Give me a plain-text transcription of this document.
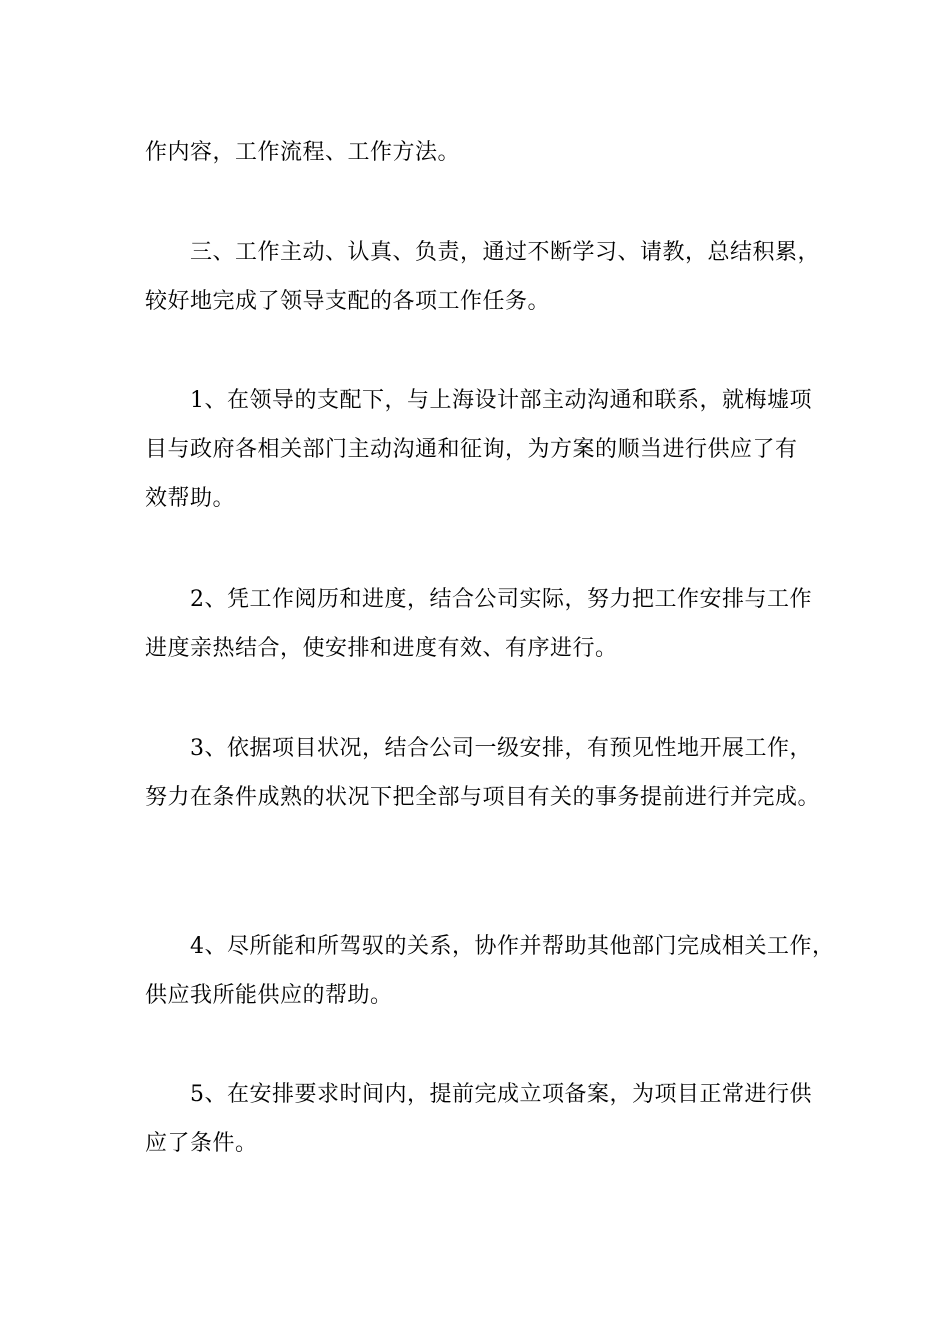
作内容，工作流程、工作方法。

三、工作主动、认真、负责，通过不断学习、请教，总结积累，

较好地完成了领导支配的各项工作任务。

1、在领导的支配下，与上海设计部主动沟通和联系，就梅墟项

目与政府各相关部门主动沟通和征询，为方案的顺当进行供应了有

效帮助。

2、凭工作阅历和进度，结合公司实际，努力把工作安排与工作

进度亲热结合，使安排和进度有效、有序进行。

3、依据项目状况，结合公司一级安排，有预见性地开展工作，

努力在条件成熟的状况下把全部与项目有关的事务提前进行并完成。

4、尽所能和所驾驭的关系，协作并帮助其他部门完成相关工作，

供应我所能供应的帮助。

5、在安排要求时间内，提前完成立项备案，为项目正常进行供

应了条件。
